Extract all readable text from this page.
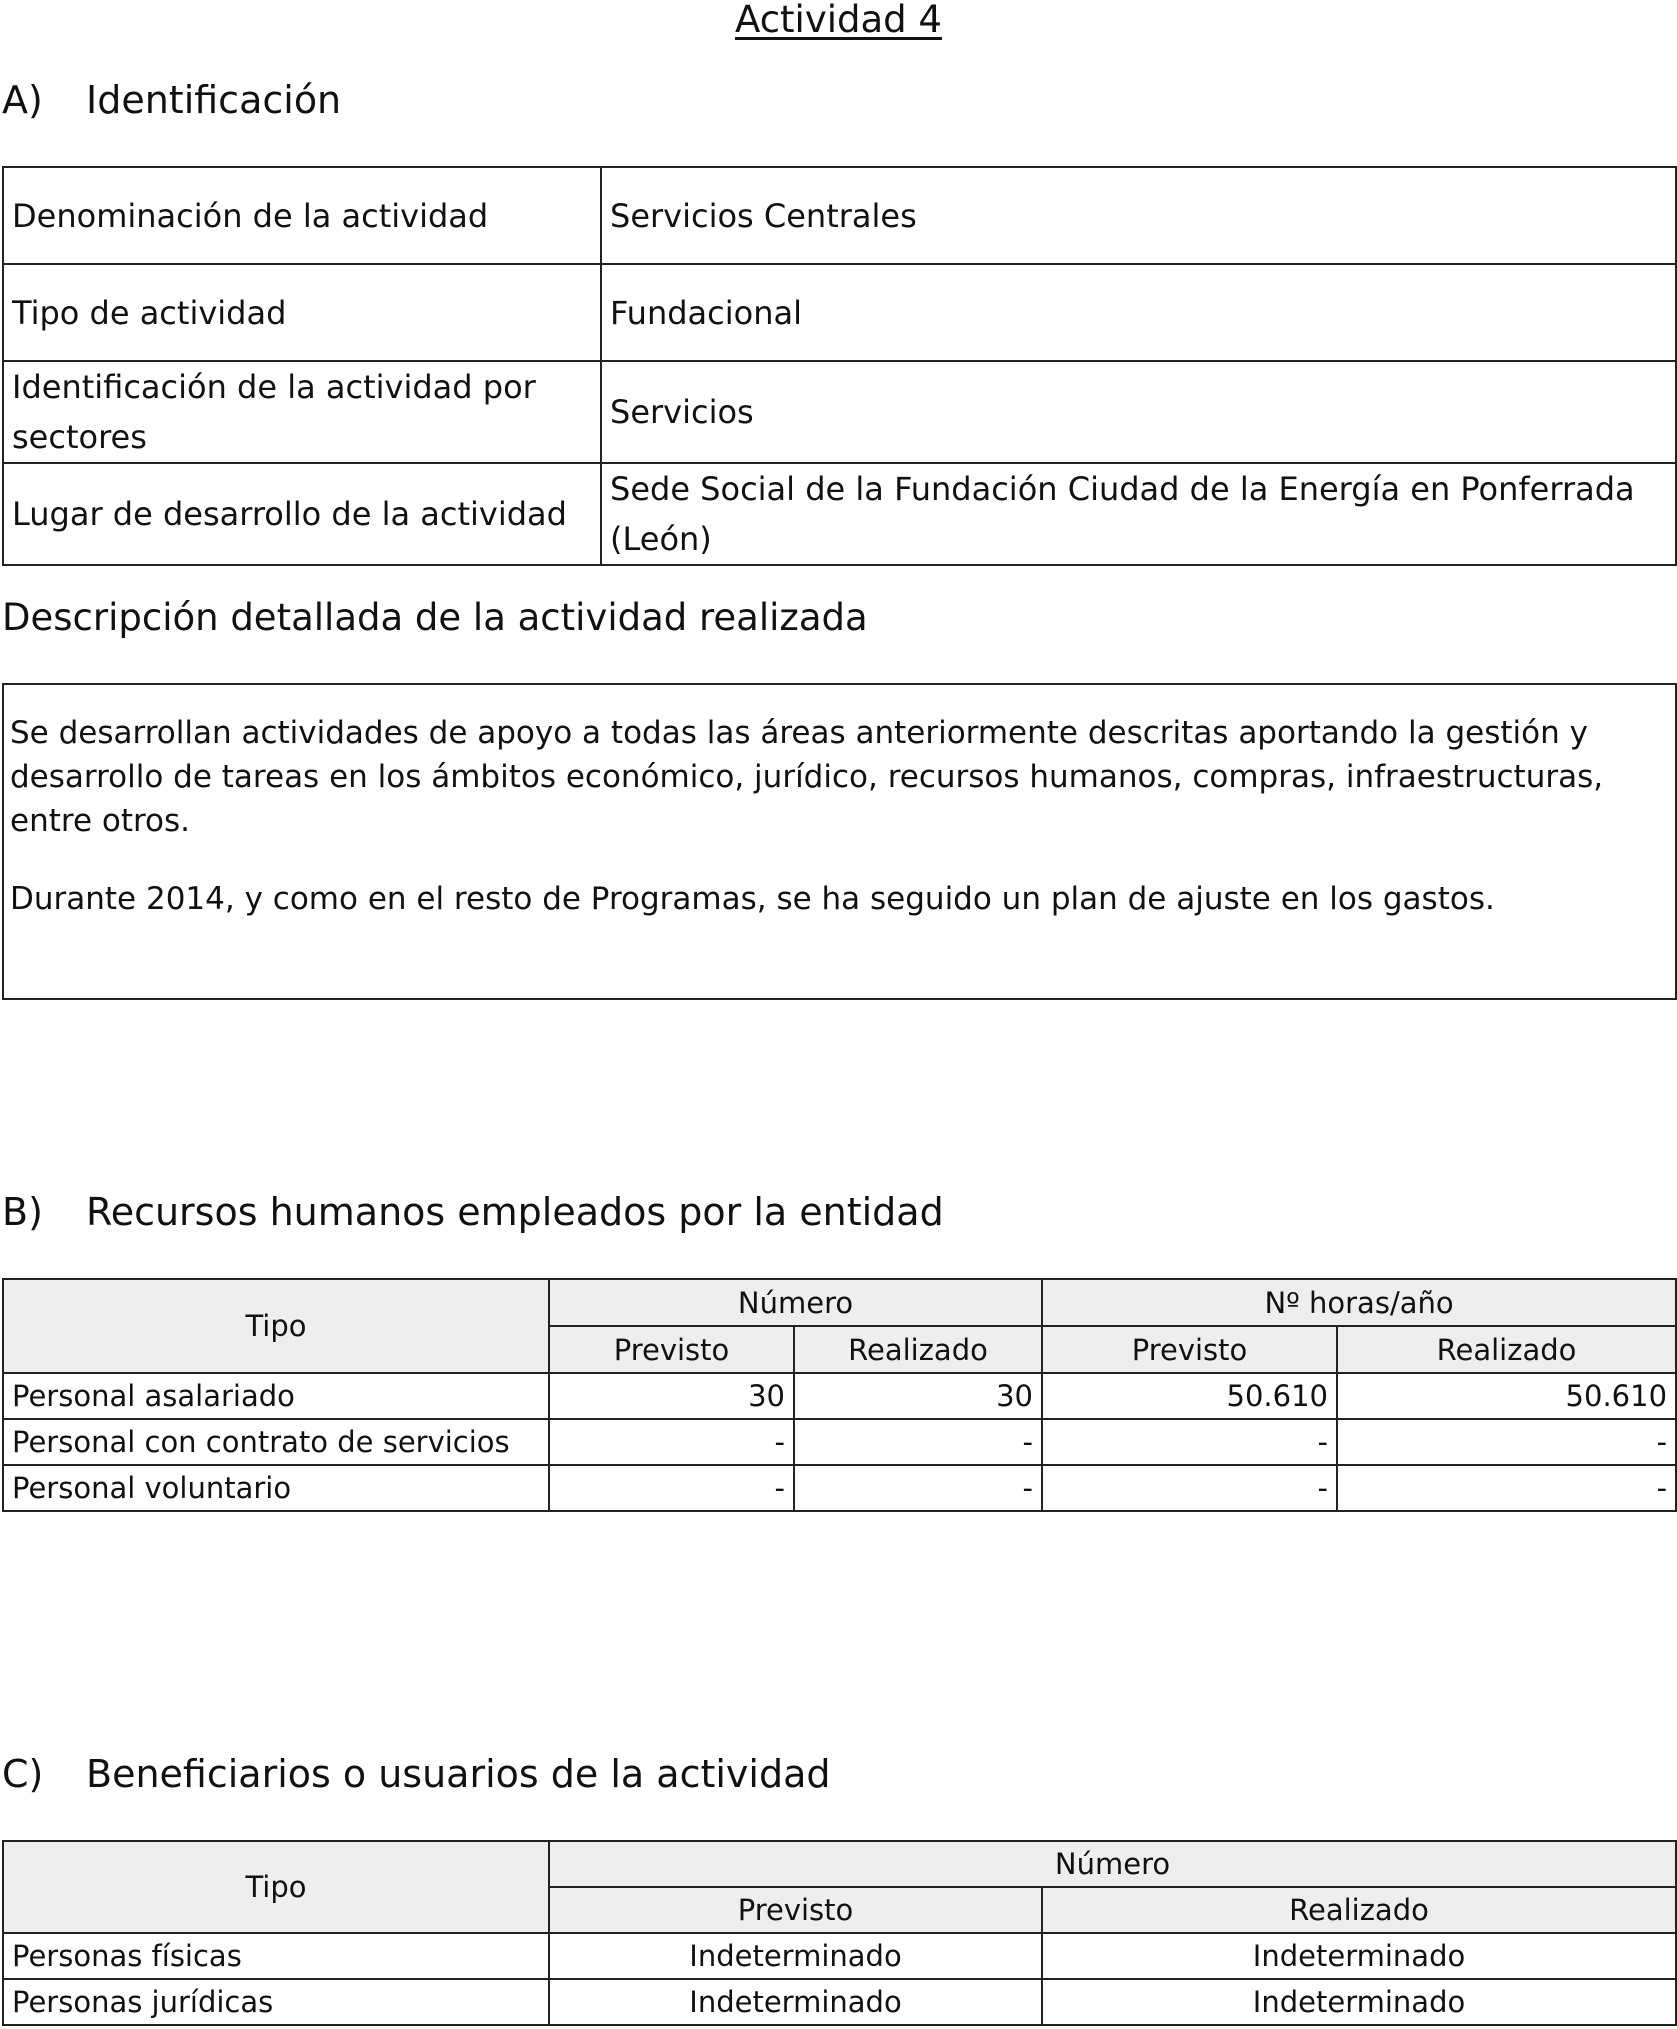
Actividad 4
A) Identificación
Denominación de la actividad	Servicios Centrales
Tipo de actividad	Fundacional
Identificación de la actividad por sectores	Servicios
Lugar de desarrollo de la actividad	Sede Social de la Fundación Ciudad de la Energía en Ponferrada (León)
Descripción detallada de la actividad realizada

Se desarrollan actividades de apoyo a todas las áreas anteriormente descritas aportando la gestión y desarrollo de tareas en los ámbitos económico, jurídico, recursos humanos, compras, infraestructuras, entre otros.

Durante 2014, y como en el resto de Programas, se ha seguido un plan de ajuste en los gastos.

B) Recursos humanos empleados por la entidad
Tipo	Número		Nº horas/año	
	Previsto	Realizado	Previsto	Realizado
Personal asalariado	30	30	50.610	50.610
Personal con contrato de servicios	-	-	-	-
Personal voluntario	-	-	-	-
C) Beneficiarios o usuarios de la actividad
Tipo	Número	
	Previsto	Realizado
Personas físicas	Indeterminado	Indeterminado
Personas jurídicas	Indeterminado	Indeterminado
